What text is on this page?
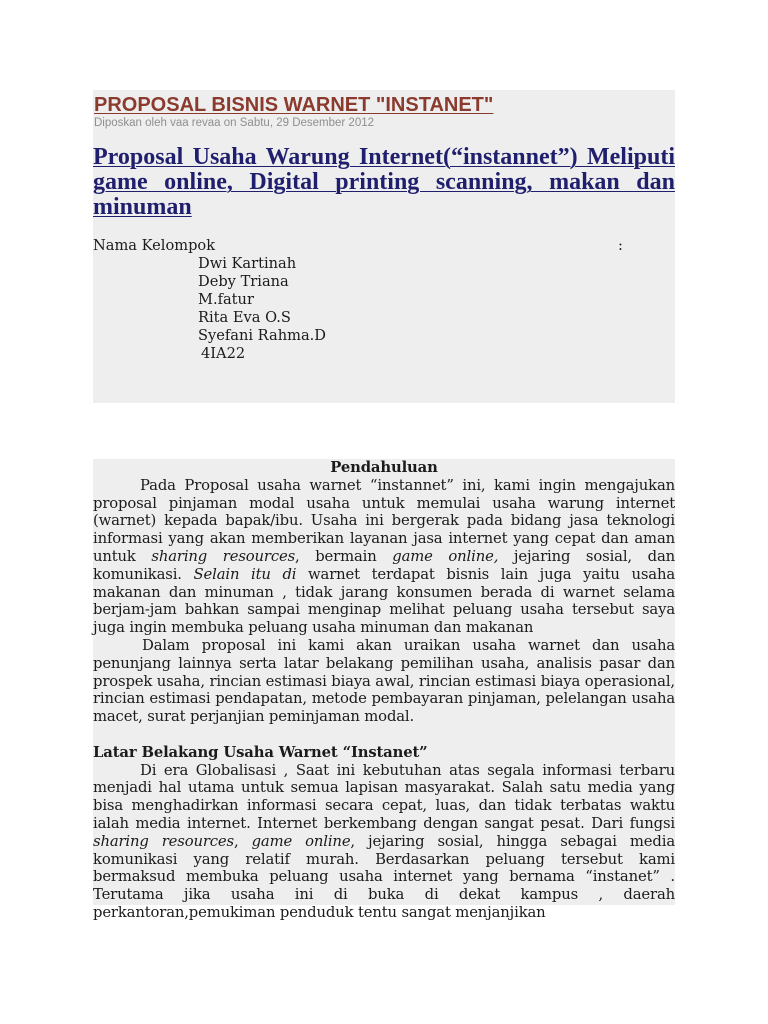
PROPOSAL BISNIS WARNET "INSTANET"
Diposkan oleh vaa revaa on Sabtu, 29 Desember 2012
Proposal Usaha Warung Internet(“instannet”) Meliputi game online, Digital printing scanning, makan dan minuman
Nama Kelompok	:
Dwi Kartinah
Deby Triana
M.fatur
Rita Eva O.S
Syefani Rahma.D
4IA22
Pendahuluan

Pada Proposal usaha warnet “instannet” ini, kami ingin mengajukan proposal pinjaman modal usaha untuk memulai usaha warung internet (warnet) kepada bapak/ibu. Usaha ini bergerak pada bidang jasa teknologi informasi yang akan memberikan layanan jasa internet yang cepat dan aman untuk sharing resources, bermain game online, jejaring sosial, dan komunikasi. Selain itu di warnet terdapat bisnis lain juga yaitu usaha makanan dan minuman , tidak jarang konsumen berada di warnet selama berjam-jam bahkan sampai menginap melihat peluang usaha tersebut saya juga ingin membuka peluang usaha minuman dan makanan

Dalam proposal ini kami akan uraikan usaha warnet dan usaha penunjang lainnya serta latar belakang pemilihan usaha, analisis pasar dan prospek usaha, rincian estimasi biaya awal, rincian estimasi biaya operasional, rincian estimasi pendapatan, metode pembayaran pinjaman, pelelangan usaha macet, surat perjanjian peminjaman modal.

Latar Belakang Usaha Warnet “Instanet”

Di era Globalisasi , Saat ini kebutuhan atas segala informasi terbaru menjadi hal utama untuk semua lapisan masyarakat. Salah satu media yang bisa menghadirkan informasi secara cepat, luas, dan tidak terbatas waktu ialah media internet. Internet berkembang dengan sangat pesat. Dari fungsi sharing resources, game online, jejaring sosial, hingga sebagai media komunikasi yang relatif murah. Berdasarkan peluang tersebut kami bermaksud membuka peluang usaha internet yang bernama “instanet” . Terutama jika usaha ini di buka di dekat kampus , daerah perkantoran,pemukiman penduduk tentu sangat menjanjikan
